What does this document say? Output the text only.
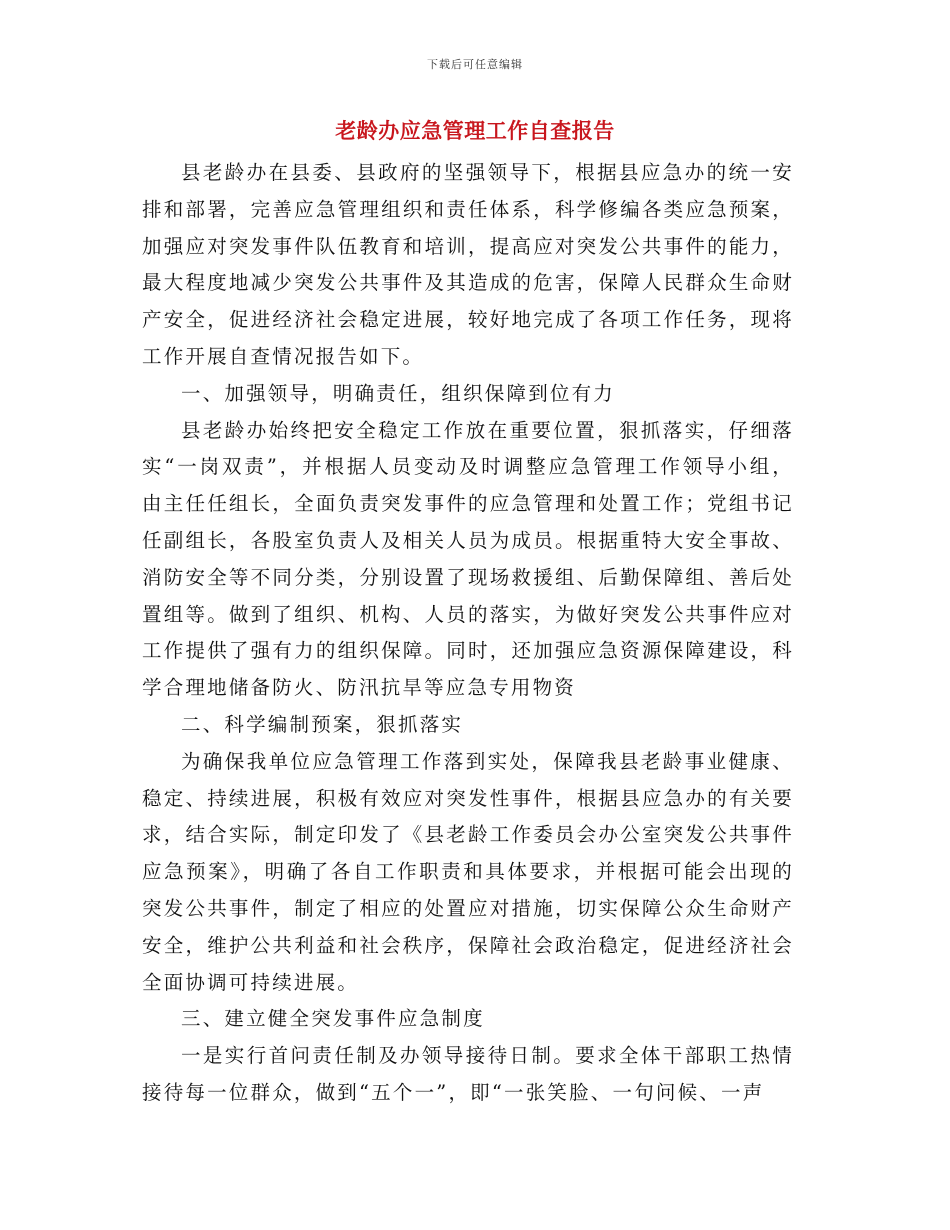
下载后可任意编辑
老龄办应急管理工作自查报告

县老龄办在县委、县政府的坚强领导下，根据县应急办的统一安排和部署，完善应急管理组织和责任体系，科学修编各类应急预案，加强应对突发事件队伍教育和培训，提高应对突发公共事件的能力，最大程度地减少突发公共事件及其造成的危害，保障人民群众生命财产安全，促进经济社会稳定进展，较好地完成了各项工作任务，现将工作开展自查情况报告如下。

一、加强领导，明确责任，组织保障到位有力

县老龄办始终把安全稳定工作放在重要位置，狠抓落实，仔细落实“一岗双责”，并根据人员变动及时调整应急管理工作领导小组，由主任任组长，全面负责突发事件的应急管理和处置工作；党组书记任副组长，各股室负责人及相关人员为成员。根据重特大安全事故、消防安全等不同分类，分别设置了现场救援组、后勤保障组、善后处置组等。做到了组织、机构、人员的落实，为做好突发公共事件应对工作提供了强有力的组织保障。同时，还加强应急资源保障建设，科学合理地储备防火、防汛抗旱等应急专用物资

二、科学编制预案，狠抓落实

为确保我单位应急管理工作落到实处，保障我县老龄事业健康、稳定、持续进展，积极有效应对突发性事件，根据县应急办的有关要求，结合实际，制定印发了《县老龄工作委员会办公室突发公共事件应急预案》，明确了各自工作职责和具体要求，并根据可能会出现的突发公共事件，制定了相应的处置应对措施，切实保障公众生命财产安全，维护公共利益和社会秩序，保障社会政治稳定，促进经济社会全面协调可持续进展。

三、建立健全突发事件应急制度

一是实行首问责任制及办领导接待日制。要求全体干部职工热情接待每一位群众，做到“五个一”，即“一张笑脸、一句问候、一声
